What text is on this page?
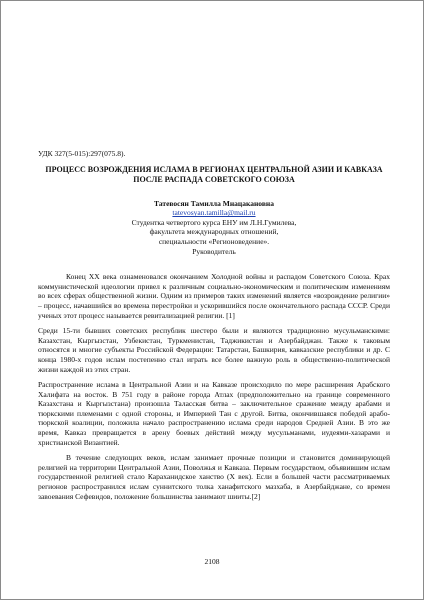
УДК 327(5-015):297(075.8).
ПРОЦЕСС ВОЗРОЖДЕНИЯ ИСЛАМА В РЕГИОНАХ ЦЕНТРАЛЬНОЙ АЗИИ И КАВКАЗА ПОСЛЕ РАСПАДА СОВЕТСКОГО СОЮЗА
Татевосян Тамилла Мнацакановна
tatevosyan.tamilla@mail.ru
Студентка четвертого курса ЕНУ им Л.Н.Гумилева,
факультета международных отношений,
специальности «Регионоведение».
Руководитель

Конец XX века ознаменовался окончанием Холодной войны и распадом Советского Союза. Крах коммунистической идеологии привел к различным социально-экономическим и политическим изменениям во всех сферах общественной жизни. Одним из примеров таких изменений является «возрождение религии» – процесс, начавшийся во времена перестройки и ускорившийся после окончательного распада СССР. Среди ученых этот процесс называется ревитализацией религии. [1]

Среди 15-ти бывших советских республик шестеро были и являются традиционно мусульманскими: Казахстан, Кыргызстан, Узбекистан, Туркменистан, Таджикистан и Азербайджан. Также к таковым относятся и многие субъекты Российской Федерации: Татарстан, Башкирия, кавказские республики и др. С конца 1980-х годов ислам постепенно стал играть все более важную роль в общественно-политической жизни каждой из этих стран.

Распространение ислама в Центральной Азии и на Кавказе происходило по мере расширения Арабского Халифата на восток. В 751 году в районе города Атлах (предположительно на границе современного Казахстана и Кыргызстана) произошла Таласская битва – заключительное сражение между арабами и тюркскими племенами с одной стороны, и Империей Тан с другой. Битва, окончившаяся победой арабо-тюркской коалиции, положила начало распространению ислама среди народов Средней Азии. В это же время, Кавказ превращается в арену боевых действий между мусульманами, иудеями-хазарами и христианской Византией.

В течение следующих веков, ислам занимает прочные позиции и становится доминирующей религией на территории Центральной Азии, Поволжья и Кавказа. Первым государством, объявившим ислам государственной религией стало Караханидское ханство (X век). Если в большей части рассматриваемых регионов распространился ислам суннитского толка ханафитского мазхаба, в Азербайджане, со времен завоевания Сефевидов, положение большинства занимают шииты.[2]

2108
